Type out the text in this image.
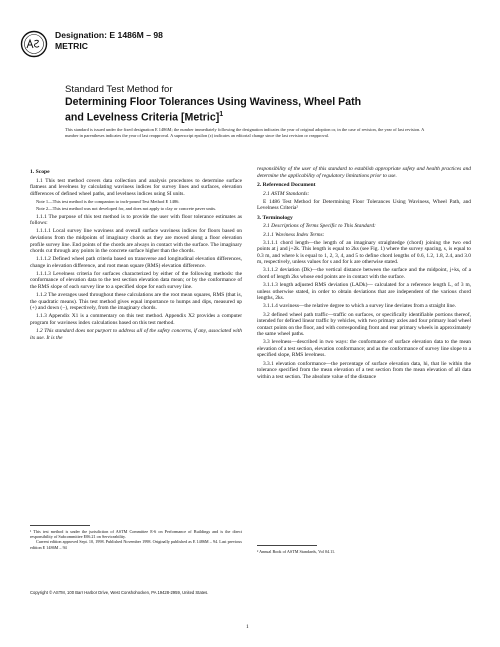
Designation: E 1486M – 98
METRIC
Standard Test Method for
Determining Floor Tolerances Using Waviness, Wheel Path
and Levelness Criteria [Metric]$^1$

This standard is issued under the fixed designation E 1486M; the number immediately following the designation indicates the year of original adoption or, in the case of revision, the year of last revision. A number in parentheses indicates the year of last reapproval. A superscript epsilon (ε) indicates an editorial change since the last revision or reapproval.

1. Scope

1.1 This test method covers data collection and analysis procedures to determine surface flatness and levelness by calculating waviness indices for survey lines and surfaces, elevation differences of defined wheel paths, and levelness indices using SI units.

Note 1—This test method is the companion to inch-pound Test Method E 1486.

Note 2—This test method was not developed for, and does not apply to clay or concrete paver units.

1.1.1 The purpose of this test method is to provide the user with floor tolerance estimates as follows:

1.1.1.1 Local survey line waviness and overall surface waviness indices for floors based on deviations from the midpoints of imaginary chords as they are moved along a floor elevation profile survey line. End points of the chords are always in contact with the surface. The imaginary chords cut through any points in the concrete surface higher than the chords.

1.1.1.2 Defined wheel path criteria based on transverse and longitudinal elevation differences, change in elevation difference, and root mean square (RMS) elevation difference.

1.1.1.3 Levelness criteria for surfaces characterized by either of the following methods: the conformance of elevation data to the test section elevation data mean; or by the conformance of the RMS slope of each survey line to a specified slope for each survey line.

1.1.2 The averages used throughout these calculations are the root mean squares, RMS (that is, the quadratic means). This test method gives equal importance to humps and dips, measured up (+) and down (−), respectively, from the imaginary chords.

1.1.3 Appendix X1 is a commentary on this test method. Appendix X2 provides a computer program for waviness index calculations based on this test method.

1.2 This standard does not purport to address all of the safety concerns, if any, associated with its use. It is the

¹ This test method is under the jurisdiction of ASTM Committee E-6 on Performance of Buildings and is the direct responsibility of Subcommittee E06.21 on Serviceability.
Current edition approved Sept. 10, 1998. Published November 1998. Originally published as E 1486M – 94. Last previous edition E 1486M – 94

responsibility of the user of this standard to establish appropriate safety and health practices and determine the applicability of regulatory limitations prior to use.

2. Referenced Document

2.1 ASTM Standards:

E 1486 Test Method for Determining Floor Tolerances Using Waviness, Wheel Path, and Levelness Criteria²

3. Terminology

3.1 Descriptions of Terms Specific to This Standard:

3.1.1 Waviness Index Terms:

3.1.1.1 chord length—the length of an imaginary straightedge (chord) joining the two end points at j and j+2k. This length is equal to 2ks (see Fig. 1) where the survey spacing, s, is equal to 0.3 m, and where k is equal to 1, 2, 3, 4, and 5 to define chord lengths of 0.6, 1.2, 1.8, 2.4, and 3.0 m, respectively, unless values for s and for k are otherwise stated.

3.1.1.2 deviation (Dk)—the vertical distance between the surface and the midpoint, j+ks, of a chord of length 2ks whose end points are in contact with the surface.

3.1.1.3 length adjusted RMS deviation (LADk)— calculated for a reference length L, of 3 m, unless otherwise stated, in order to obtain deviations that are independent of the various chord lengths, 2ks.

3.1.1.4 waviness—the relative degree to which a survey line deviates from a straight line.

3.2 defined wheel path traffic—traffic on surfaces, or specifically identifiable portions thereof, intended for defined linear traffic by vehicles, with two primary axles and four primary load wheel contact points on the floor, and with corresponding front and rear primary wheels in approximately the same wheel paths.

3.3 levelness—described in two ways: the conformance of surface elevation data to the mean elevation of a test section, elevation conformance; and as the conformance of survey line slope to a specified slope, RMS levelness.

3.3.1 elevation conformance—the percentage of surface elevation data, hi, that lie within the tolerance specified from the mean elevation of a test section from the mean elevation of all data within a test section. The absolute value of the distance

² Annual Book of ASTM Standards, Vol 04.11.
Copyright © ASTM, 100 Barr Harbor Drive, West Conshohocken, PA 19428-2959, United States.
1
